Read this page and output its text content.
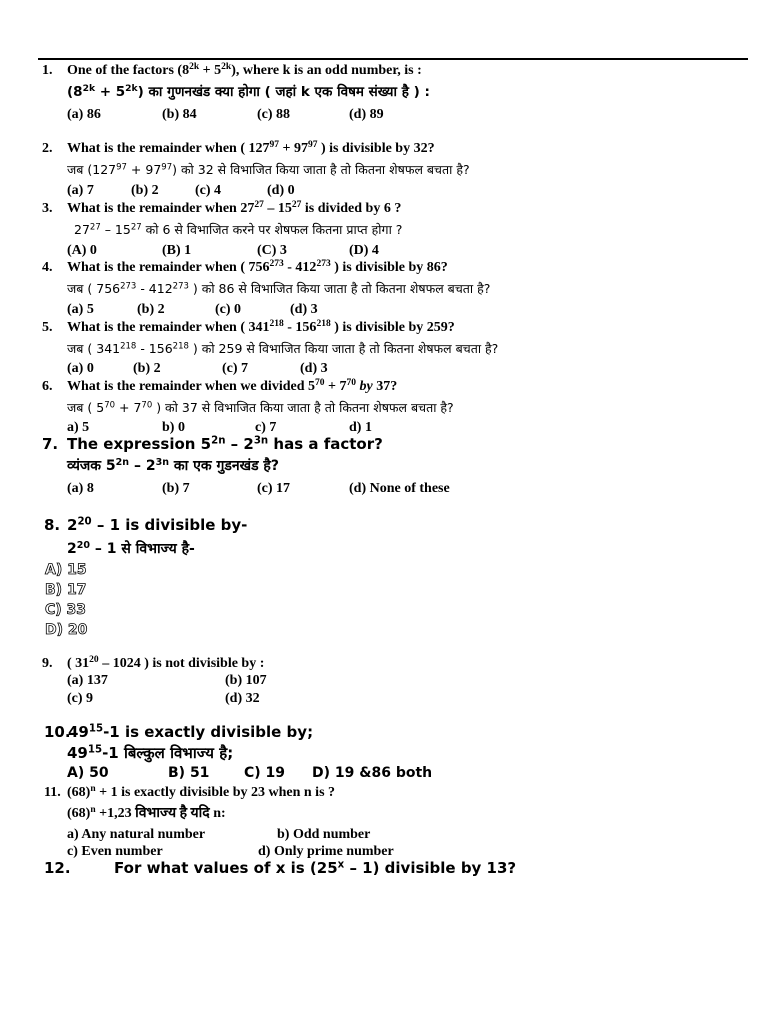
1. One of the factors $(8^{2k} + 5^{2k})$, where k is an odd number, is :
$(8^{2k} + 5^{2k})$ का गुणनखंड क्या होगा ( जहां k एक विषम संख्या है ) :
(a) 86	(b) 84	(c) 88	(d) 89
2. What is the remainder when ( $127^{97} + 97^{97}$ ) is divisible by 32?
जब $(127^{97} + 97^{97})$ को 32 से विभाजित किया जाता है तो कितना शेषफल बचता है?
(a) 7	(b) 2	(c) 4	(d) 0
3. What is the remainder when $27^{27} - 15^{27}$ is divided by 6 ?
$27^{27} - 15^{27}$ को 6 से विभाजित करने पर शेषफल कितना प्राप्त होगा ?
(A) 0	(B) 1	(C) 3	(D) 4
4. What is the remainder when ( $756^{273} - 412^{273}$ ) is divisible by 86?
जब ( $756^{273} - 412^{273}$ ) को 86 से विभाजित किया जाता है तो कितना शेषफल बचता है?
(a) 5	(b) 2	(c) 0	(d) 3
5. What is the remainder when ( $341^{218} - 156^{218}$ ) is divisible by 259?
जब ( $341^{218} - 156^{218}$ ) को 259 से विभाजित किया जाता है तो कितना शेषफल बचता है?
(a) 0	(b) 2	(c) 7	(d) 3
6. What is the remainder when we divided $5^{70} + 7^{70}$ by 37?
जब ( $5^{70} + 7^{70}$ ) को 37 से विभाजित किया जाता है तो कितना शेषफल बचता है?
a) 5	b) 0	c) 7	d) 1
7. The expression $5^{2n} - 2^{3n}$ has a factor?
व्यंजक $5^{2n} - 2^{3n}$ का एक गुडनखंड है?
(a) 8	(b) 7	(c) 17	(d) None of these
8. $2^{20} - 1$ is divisible by-
$2^{20} - 1$ से विभाज्य है-
A) 15
B) 17
C) 33
D) 20
9. ( $31^{20} - 1024$ ) is not divisible by :
(a) 137	(b) 107
(c) 9	(d) 32
10.
$49^{15}-1$ is exactly divisible by;
$49^{15}-1$ बिल्कुल विभाज्य है;
A) 50	B) 51 C) 19 D) 19 &86 both
11. $(68)^n + 1$ is exactly divisible by 23 when n is ?
$(68)^n +1,23$ विभाज्य है यदि n:
a) Any natural number	b) Odd number
c) Even number	d) Only prime number
12.	For what values of x is (25$^x$ – 1) divisible by 13?
